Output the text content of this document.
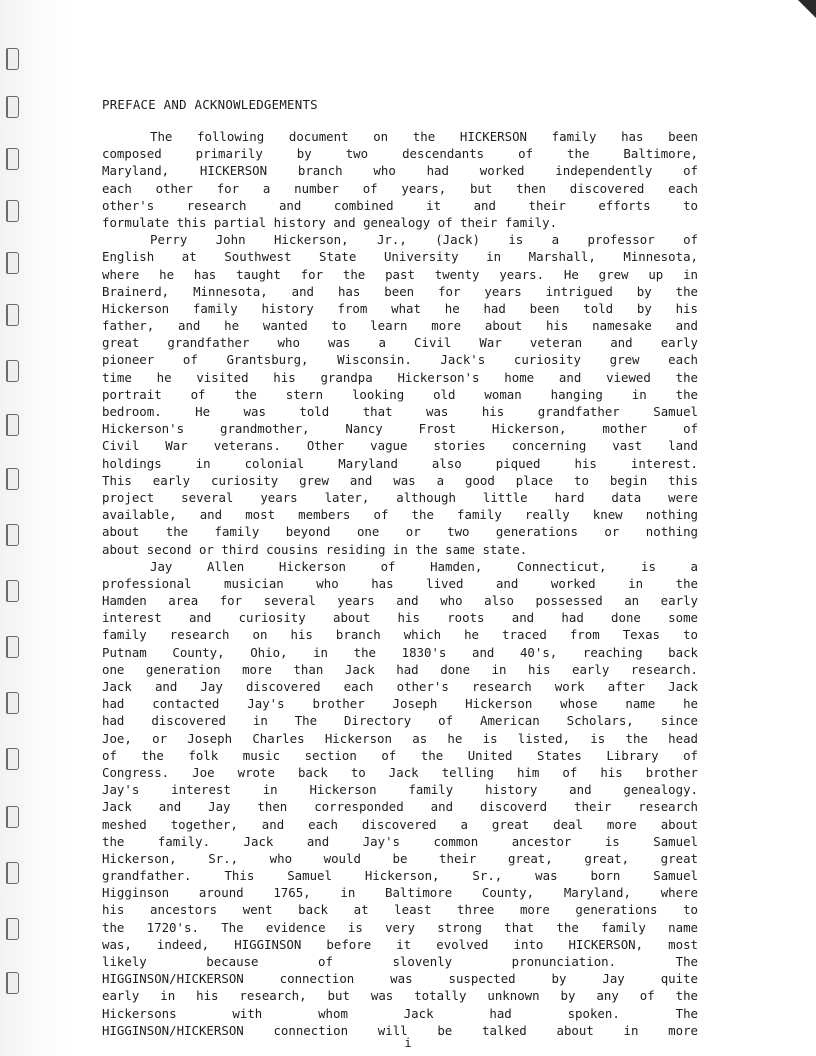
PREFACE AND ACKNOWLEDGEMENTS
The following document on the HICKERSON family has been
composed primarily by two descendants of the Baltimore,
Maryland, HICKERSON branch who had worked independently of
each other for a number of years, but then discovered each
other's research and combined it and their efforts to
formulate this partial history and genealogy of their family.
Perry John Hickerson, Jr., (Jack) is a professor of
English at Southwest State University in Marshall, Minnesota,
where he has taught for the past twenty years. He grew up in
Brainerd, Minnesota, and has been for years intrigued by the
Hickerson family history from what he had been told by his
father, and he wanted to learn more about his namesake and
great grandfather who was a Civil War veteran and early
pioneer of Grantsburg, Wisconsin. Jack's curiosity grew each
time he visited his grandpa Hickerson's home and viewed the
portrait of the stern looking old woman hanging in the
bedroom. He was told that was his grandfather Samuel
Hickerson's grandmother, Nancy Frost Hickerson, mother of
Civil War veterans. Other vague stories concerning vast land
holdings in colonial Maryland also piqued his interest.
This early curiosity grew and was a good place to begin this
project several years later, although little hard data were
available, and most members of the family really knew nothing
about the family beyond one or two generations or nothing
about second or third cousins residing in the same state.
Jay Allen Hickerson of Hamden, Connecticut, is a
professional musician who has lived and worked in the
Hamden area for several years and who also possessed an early
interest and curiosity about his roots and had done some
family research on his branch which he traced from Texas to
Putnam County, Ohio, in the 1830's and 40's, reaching back
one generation more than Jack had done in his early research.
Jack and Jay discovered each other's research work after Jack
had contacted Jay's brother Joseph Hickerson whose name he
had discovered in The Directory of American Scholars, since
Joe, or Joseph Charles Hickerson as he is listed, is the head
of the folk music section of the United States Library of
Congress. Joe wrote back to Jack telling him of his brother
Jay's interest in Hickerson family history and genealogy.
Jack and Jay then corresponded and discoverd their research
meshed together, and each discovered a great deal more about
the family. Jack and Jay's common ancestor is Samuel
Hickerson, Sr., who would be their great, great, great
grandfather. This Samuel Hickerson, Sr., was born Samuel
Higginson around 1765, in Baltimore County, Maryland, where
his ancestors went back at least three more generations to
the 1720's. The evidence is very strong that the family name
was, indeed, HIGGINSON before it evolved into HICKERSON, most
likely because of slovenly pronunciation. The
HIGGINSON/HICKERSON connection was suspected by Jay quite
early in his research, but was totally unknown by any of the
Hickersons with whom Jack had spoken. The
HIGGINSON/HICKERSON connection will be talked about in more
i
